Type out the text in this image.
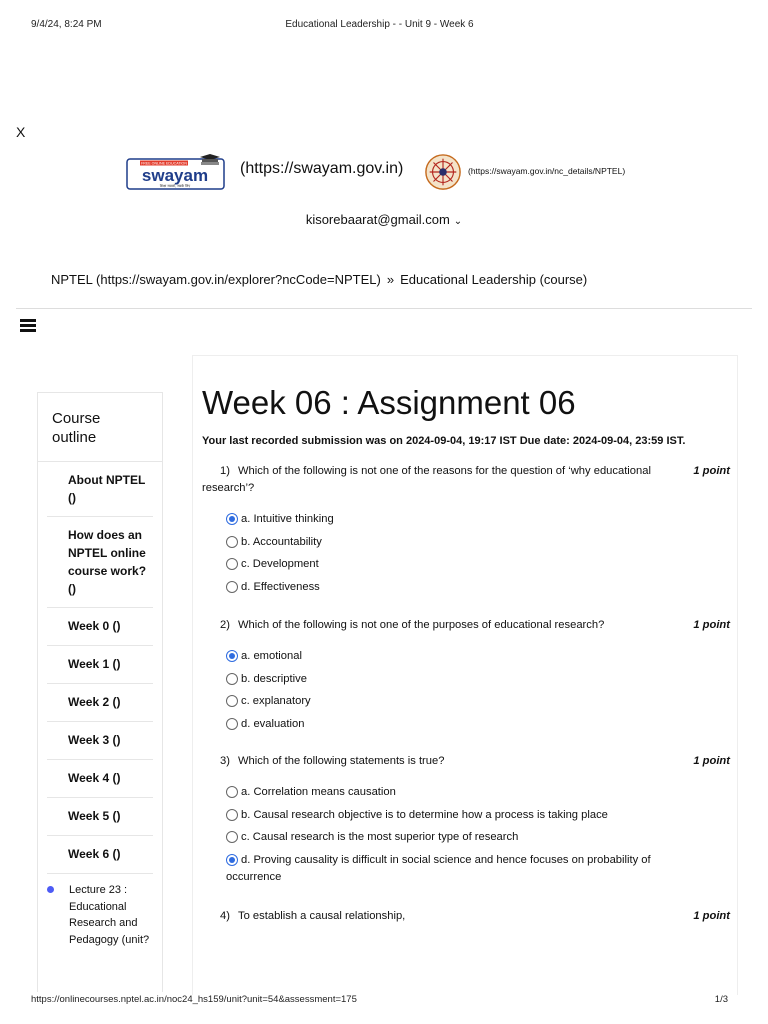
9/4/24, 8:24 PM	Educational Leadership - - Unit 9 - Week 6
X
FREE ONLINE EDUCATION
swayam
शिक्षा सबको, सबके लिए
(https://swayam.gov.in)	(https://swayam.gov.in/nc_details/NPTEL)
kisorebaarat@gmail.com ⌄
NPTEL (https://swayam.gov.in/explorer?ncCode=NPTEL) » Educational Leadership (course)
Course outline
About NPTEL ()
How does an NPTEL online course work? ()
Week 0 ()
Week 1 ()
Week 2 ()
Week 3 ()
Week 4 ()
Week 5 ()
Week 6 ()
Lecture 23 : Educational Research and Pedagogy (unit?
Week 06 : Assignment 06
Your last recorded submission was on 2024-09-04, 19:17 IST Due date: 2024-09-04, 23:59 IST.
1) Which of the following is not one of the reasons for the question of ‘why educational research’?
1 point
a. Intuitive thinking
b. Accountability
c. Development
d. Effectiveness
2) Which of the following is not one of the purposes of educational research?	1 point
a. emotional
b. descriptive
c. explanatory
d. evaluation
3) Which of the following statements is true?	1 point
a. Correlation means causation
b. Causal research objective is to determine how a process is taking place
c. Causal research is the most superior type of research
d. Proving causality is difficult in social science and hence focuses on probability of
occurrence
4) To establish a causal relationship,	1 point
https://onlinecourses.nptel.ac.in/noc24_hs159/unit?unit=54&assessment=175	1/3
